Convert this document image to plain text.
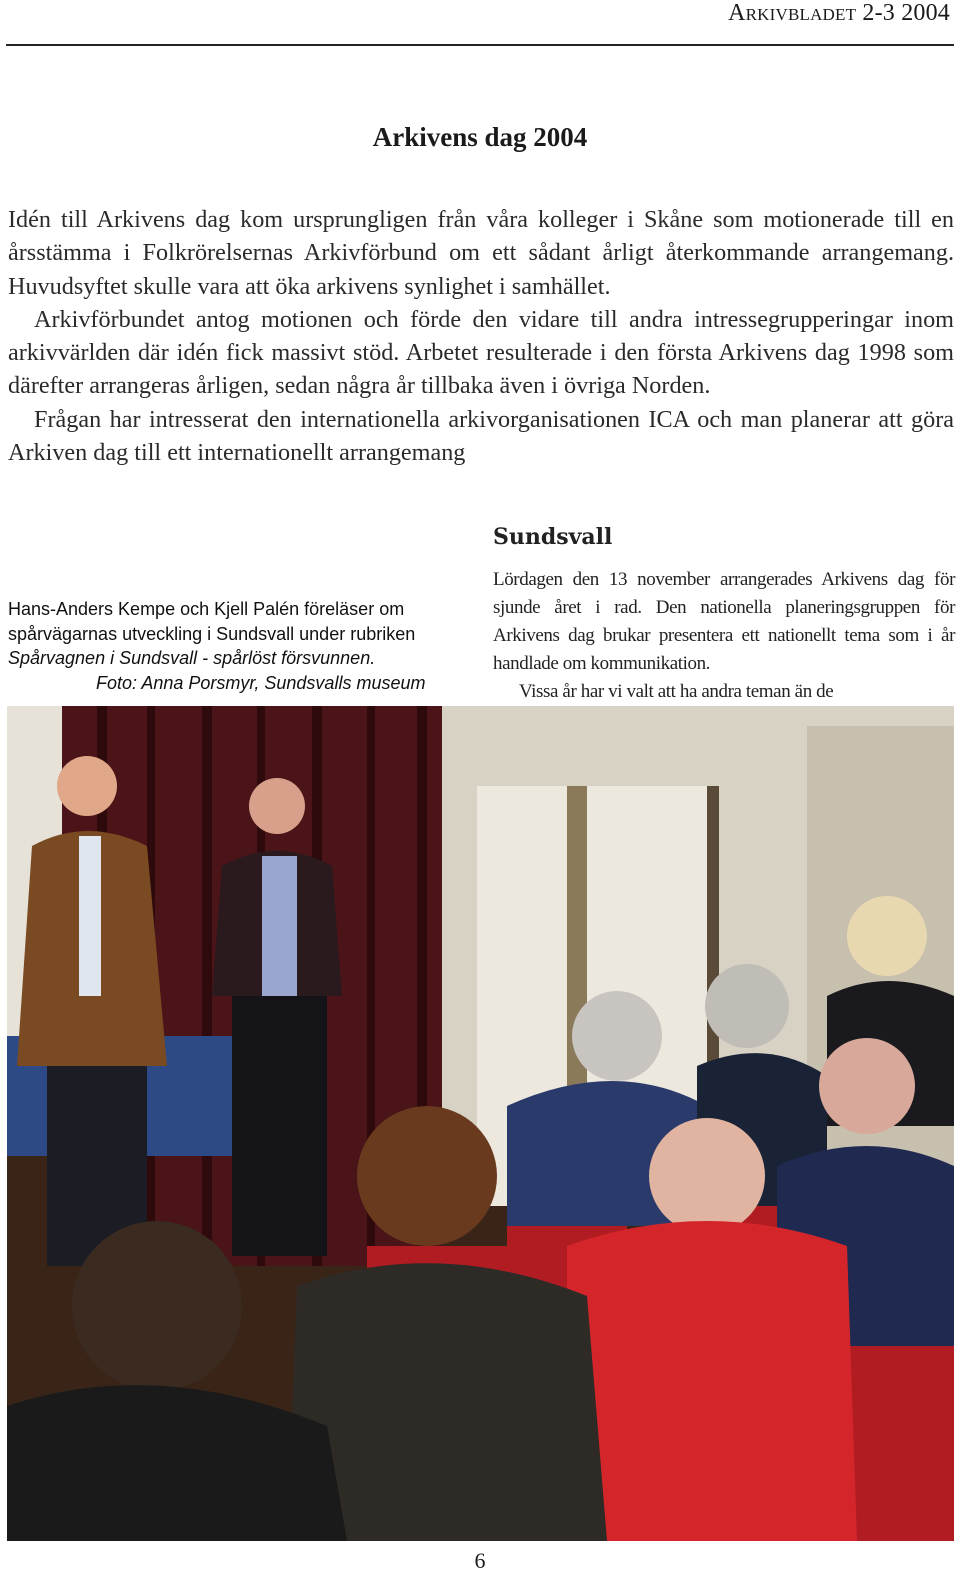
Arkivbladet 2-3 2004
Arkivens dag 2004

Idén till Arkivens dag kom ursprungligen från våra kolleger i Skåne som motionerade till en årsstämma i Folkrörelsernas Arkivförbund om ett sådant årligt återkommande arrangemang. Huvudsyftet skulle vara att öka arkivens synlighet i samhället.

Arkivförbundet antog motionen och förde den vidare till andra intressegrupperingar inom arkivvärlden där idén fick massivt stöd. Arbetet resulterade i den första Arkivens dag 1998 som därefter arrangeras årligen, sedan några år tillbaka även i övriga Norden.

Frågan har intresserat den internationella arkivorganisationen ICA och man planerar att göra Arkiven dag till ett internationellt arrangemang

Hans-Anders Kempe och Kjell Palén föreläser om spårvägarnas utveckling i Sundsvall under rubriken Spårvagnen i Sundsvall - spårlöst försvunnen.
Foto: Anna Porsmyr, Sundsvalls museum
Sundsvall

Lördagen den 13 november arrangerades Arkivens dag för sjunde året i rad. Den nationella planeringsgruppen för Arkivens dag brukar presentera ett nationellt tema som i år handlade om kommunikation.

Vissa år har vi valt att ha andra teman än de

6
